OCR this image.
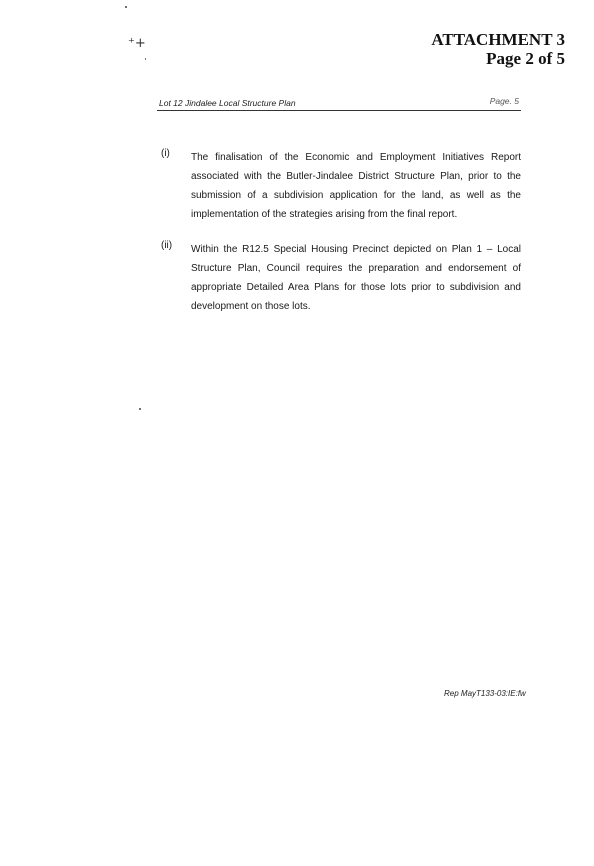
⁺+	ATTACHMENT 3
Page 2 of 5
Lot 12 Jindalee Local Structure Plan	Page. 5
(i) The finalisation of the Economic and Employment Initiatives Report associated with the Butler-Jindalee District Structure Plan, prior to the submission of a subdivision application for the land, as well as the implementation of the strategies arising from the final report.
(ii) Within the R12.5 Special Housing Precinct depicted on Plan 1 – Local Structure Plan, Council requires the preparation and endorsement of appropriate Detailed Area Plans for those lots prior to subdivision and development on those lots.
Rep MayT133-03:IE:fw
